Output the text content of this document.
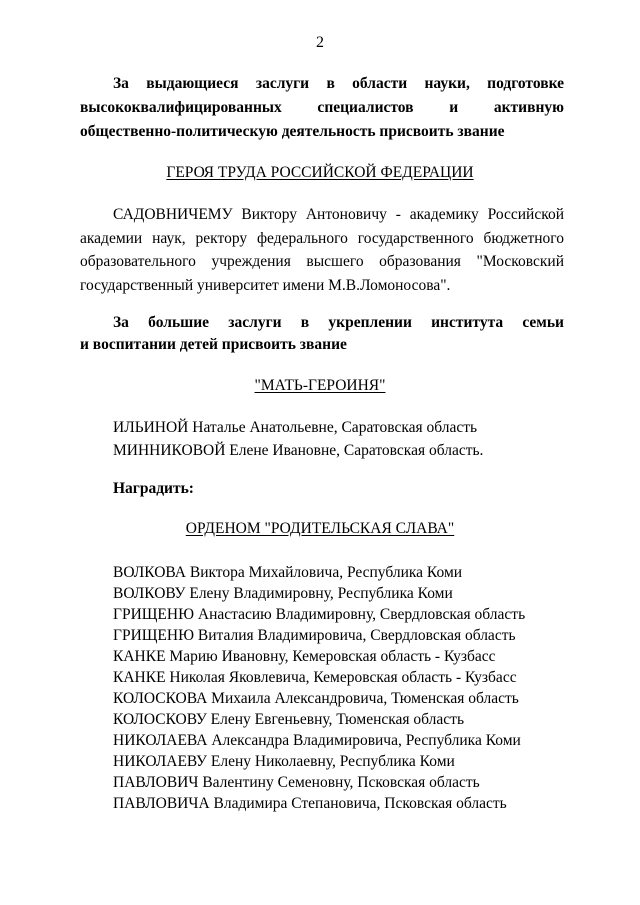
2
За выдающиеся заслуги в области науки, подготовке
высококвалифицированных специалистов и активную
общественно-политическую деятельность присвоить звание
ГЕРОЯ ТРУДА РОССИЙСКОЙ ФЕДЕРАЦИИ
САДОВНИЧЕМУ Виктору Антоновичу - академику Российской
академии наук, ректору федерального государственного бюджетного
образовательного учреждения высшего образования "Московский
государственный университет имени М.В.Ломоносова".
За большие заслуги в укреплении института семьи
и воспитании детей присвоить звание
"МАТЬ-ГЕРОИНЯ"
ИЛЬИНОЙ Наталье Анатольевне, Саратовская область
МИННИКОВОЙ Елене Ивановне, Саратовская область.
Наградить:
ОРДЕНОМ "РОДИТЕЛЬСКАЯ СЛАВА"
ВОЛКОВА Виктора Михайловича, Республика Коми
ВОЛКОВУ Елену Владимировну, Республика Коми
ГРИЩЕНЮ Анастасию Владимировну, Свердловская область
ГРИЩЕНЮ Виталия Владимировича, Свердловская область
КАНКЕ Марию Ивановну, Кемеровская область - Кузбасс
КАНКЕ Николая Яковлевича, Кемеровская область - Кузбасс
КОЛОСКОВА Михаила Александровича, Тюменская область
КОЛОСКОВУ Елену Евгеньевну, Тюменская область
НИКОЛАЕВА Александра Владимировича, Республика Коми
НИКОЛАЕВУ Елену Николаевну, Республика Коми
ПАВЛОВИЧ Валентину Семеновну, Псковская область
ПАВЛОВИЧА Владимира Степановича, Псковская область
